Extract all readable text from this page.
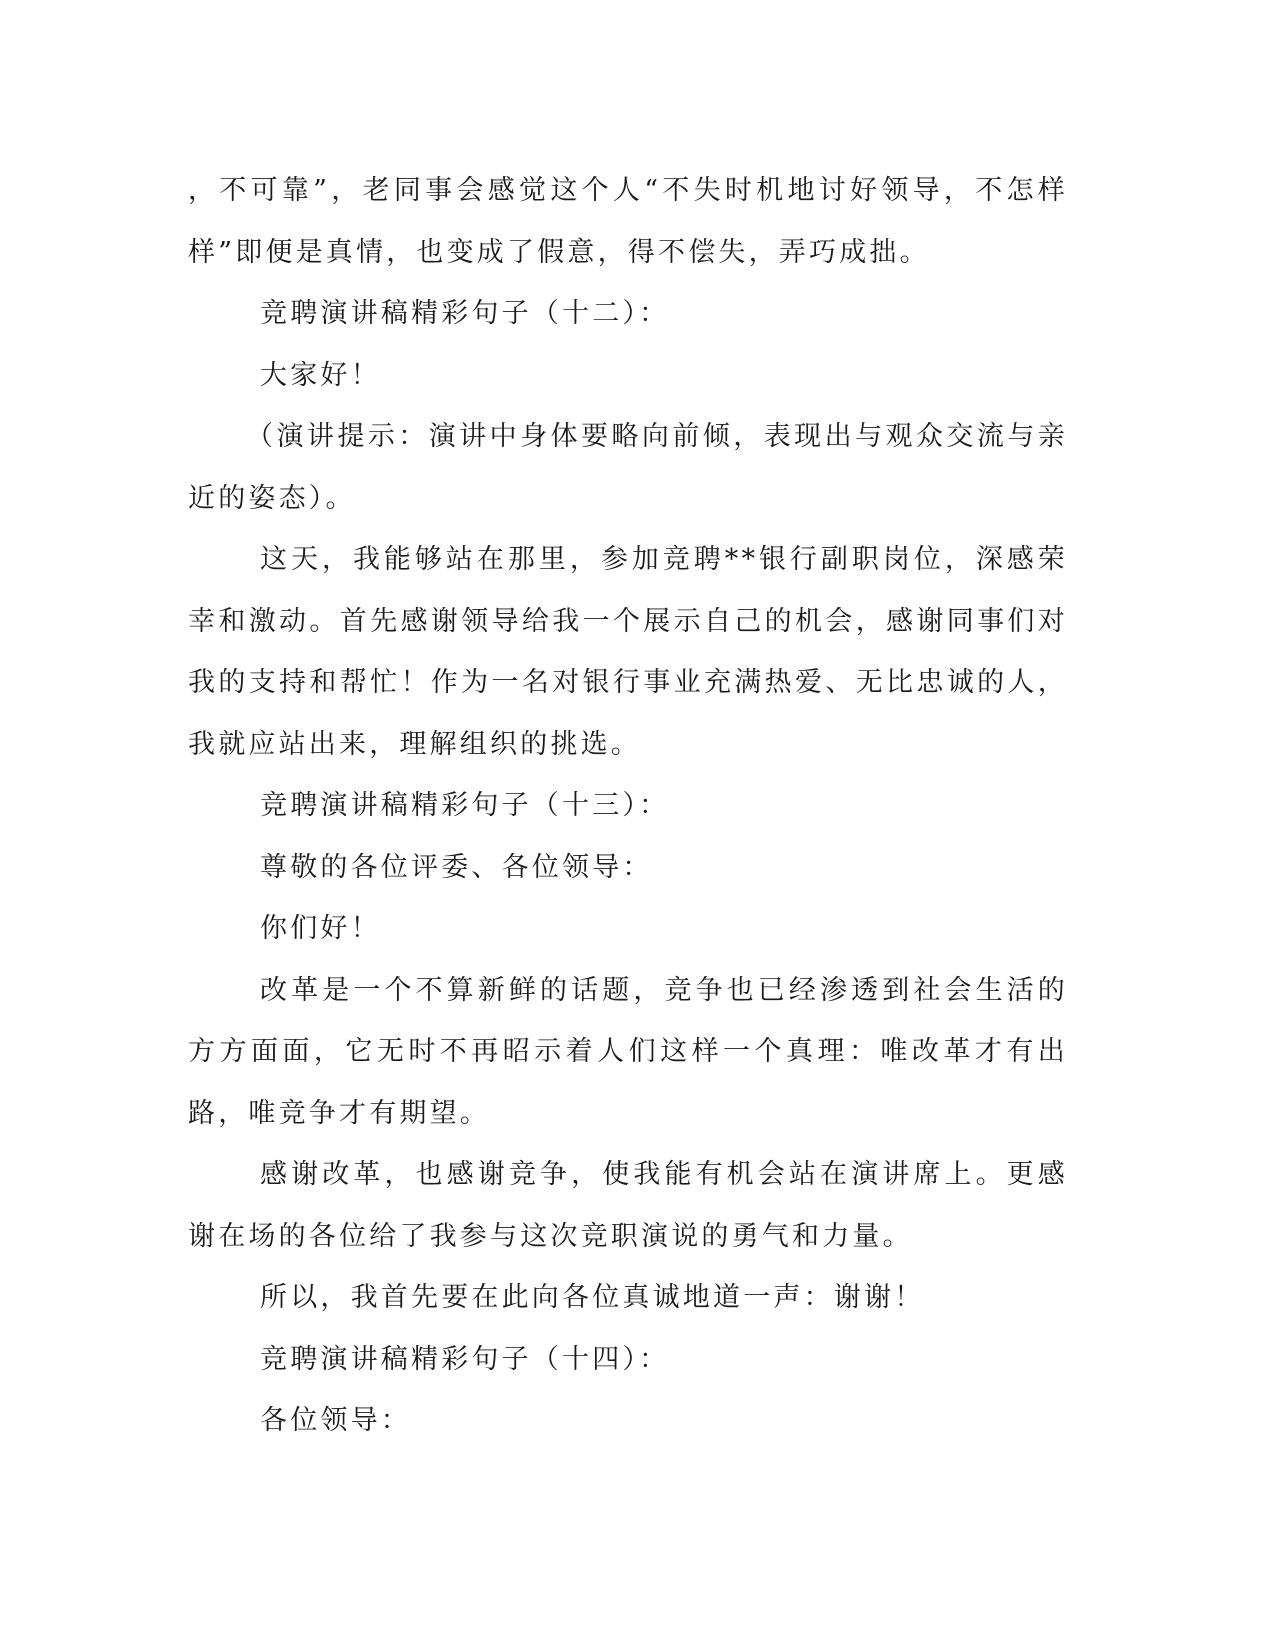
，不可靠”，老同事会感觉这个人“不失时机地讨好领导，不怎样样”即便是真情，也变成了假意，得不偿失，弄巧成拙。

竞聘演讲稿精彩句子（十二）：

大家好！

（演讲提示：演讲中身体要略向前倾，表现出与观众交流与亲近的姿态）。

这天，我能够站在那里，参加竞聘**银行副职岗位，深感荣幸和激动。首先感谢领导给我一个展示自己的机会，感谢同事们对我的支持和帮忙！作为一名对银行事业充满热爱、无比忠诚的人，我就应站出来，理解组织的挑选。

竞聘演讲稿精彩句子（十三）：

尊敬的各位评委、各位领导：

你们好！

改革是一个不算新鲜的话题，竞争也已经渗透到社会生活的方方面面，它无时不再昭示着人们这样一个真理：唯改革才有出路，唯竞争才有期望。

感谢改革，也感谢竞争，使我能有机会站在演讲席上。更感谢在场的各位给了我参与这次竞职演说的勇气和力量。

所以，我首先要在此向各位真诚地道一声：谢谢！

竞聘演讲稿精彩句子（十四）：

各位领导：
